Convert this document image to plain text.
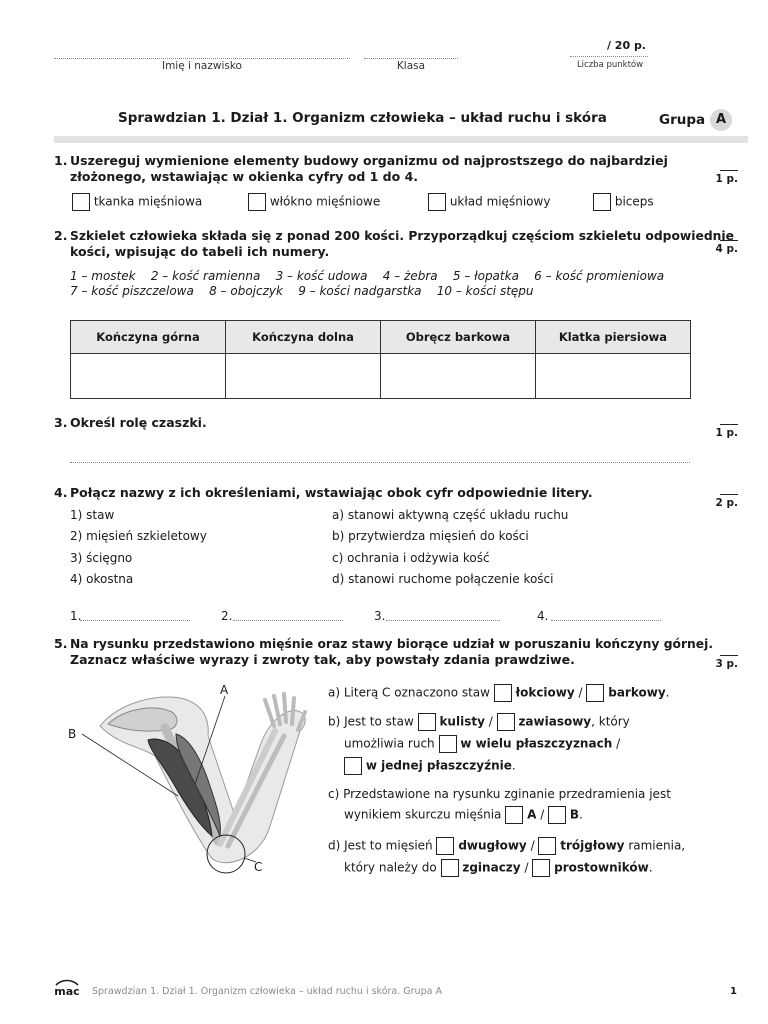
Imię i nazwisko	Klasa
/ 20 p.
Liczba punktów
Sprawdzian 1. Dział 1. Organizm człowieka – układ ruchu i skóra	Grupa A
1. Uszereguj wymienione elementy budowy organizmu od najprostszego do najbardziej
złożonego, wstawiając w okienka cyfry od 1 do 4.	1 p.
tkanka mięśniowa	włókno mięśniowe	układ mięśniowy	biceps
2. Szkielet człowieka składa się z ponad 200 kości. Przyporządkuj częściom szkieletu odpowiednie
kości, wpisując do tabeli ich numery.	4 p.
1 – mostek    2 – kość ramienna    3 – kość udowa    4 – żebra    5 – łopatka    6 – kość promieniowa
7 – kość piszczelowa    8 – obojczyk    9 – kości nadgarstka    10 – kości stępu
Kończyna górna	Kończyna dolna	Obręcz barkowa	Klatka piersiowa

3. Określ rolę czaszki.
1 p.
4. Połącz nazwy z ich określeniami, wstawiając obok cyfr odpowiednie litery.
2 p.
1) staw
2) mięsień szkieletowy
3) ścięgno
4) okostna
a) stanowi aktywną część układu ruchu
b) przytwierdza mięsień do kości
c) ochrania i odżywia kość
d) stanowi ruchome połączenie kości
1.	2.	3.	4.
5. Na rysunku przedstawiono mięśnie oraz stawy biorące udział w poruszaniu kończyny górnej.
Zaznacz właściwe wyrazy i zwroty tak, aby powstały zdania prawdziwe.	3 p.
A
B
C
a) Literą C oznaczono staw łokciowy / barkowy.
b) Jest to staw kulisty / zawiasowy, który
umożliwia ruch w wielu płaszczyznach /
w jednej płaszczyźnie.
c) Przedstawione na rysunku zginanie przedramienia jest
wynikiem skurczu mięśnia A / B.
d) Jest to mięsień dwugłowy / trójgłowy ramienia,
który należy do zginaczy / prostowników.
mac Sprawdzian 1. Dział 1. Organizm człowieka – układ ruchu i skóra. Grupa A	1
